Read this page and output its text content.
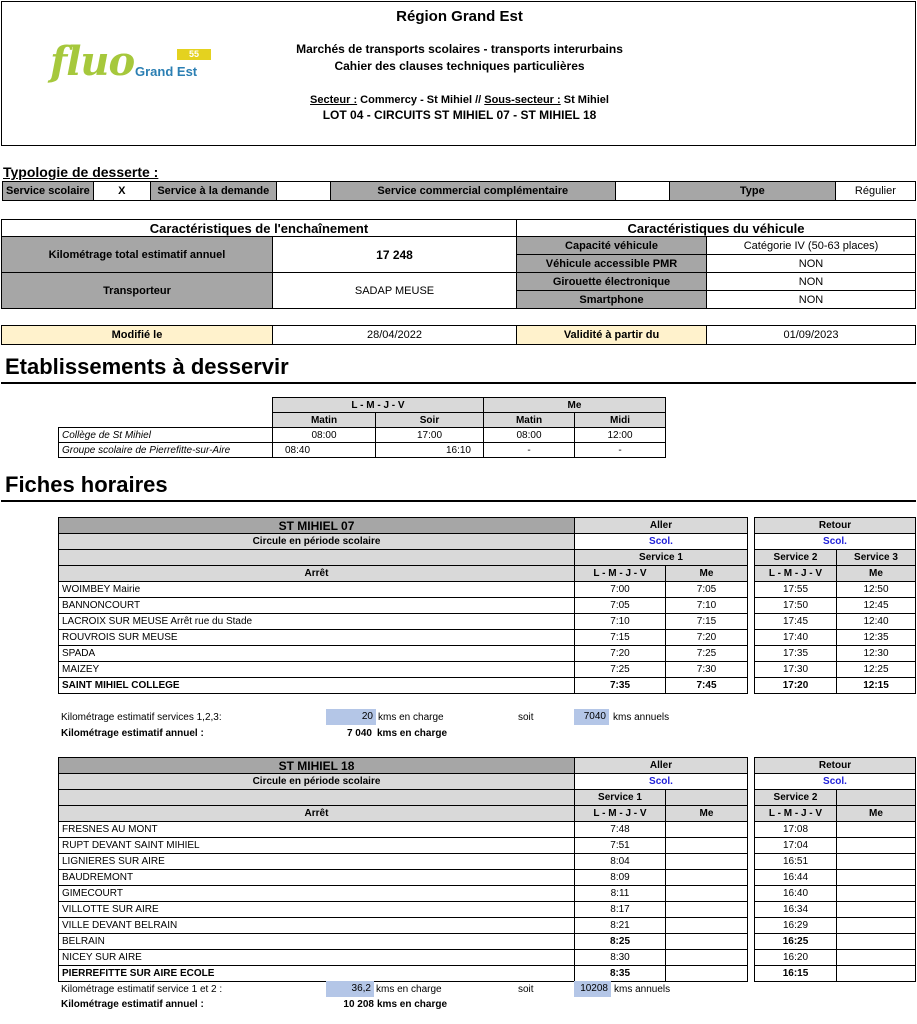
fluo Grand Est
55
Région Grand Est
Marchés de transports scolaires - transports interurbains
Cahier des clauses techniques particulières
Secteur : Commercy - St Mihiel // Sous-secteur : St Mihiel
LOT 04 - CIRCUITS ST MIHIEL 07 - ST MIHIEL 18
Typologie de desserte :
Service scolaire	X	Service à la demande		Service commercial complémentaire		Type	Régulier
Caractéristiques de l'enchaînement		Caractéristiques du véhicule	
Kilométrage total estimatif annuel	17 248	Capacité véhicule	Catégorie IV (50-63 places)
		Véhicule accessible PMR	NON
Transporteur	SADAP MEUSE	Girouette électronique	NON
		Smartphone	NON
Modifié le	28/04/2022	Validité à partir du	01/09/2023
Etablissements à desservir
	L - M - J - V		Me	
	Matin	Soir	Matin	Midi
Collège de St Mihiel	08:00	17:00	08:00	12:00
Groupe scolaire de Pierrefitte-sur-Aire	08:40	16:10	-	-
Fiches horaires
ST MIHIEL 07	Aller			Retour	
Circule en période scolaire	Scol.			Scol.	
	Service 1			Service 2	Service 3
Arrêt	L - M - J - V	Me		L - M - J - V	Me
WOIMBEY Mairie	7:00	7:05		17:55	12:50
BANNONCOURT	7:05	7:10		17:50	12:45
LACROIX SUR MEUSE Arrêt rue du Stade	7:10	7:15		17:45	12:40
ROUVROIS SUR MEUSE	7:15	7:20		17:40	12:35
SPADA	7:20	7:25		17:35	12:30
MAIZEY	7:25	7:30		17:30	12:25
SAINT MIHIEL COLLEGE	7:35	7:45		17:20	12:15
Kilométrage estimatif services 1,2,3:	20 kms en charge	soit	7040 kms annuels
Kilométrage estimatif annuel :	7 040 kms en charge
ST MIHIEL 18	Aller			Retour	
Circule en période scolaire	Scol.			Scol.	
	Service 1			Service 2	
Arrêt	L - M - J - V	Me		L - M - J - V	Me
FRESNES AU MONT	7:48			17:08	
RUPT DEVANT SAINT MIHIEL	7:51			17:04	
LIGNIERES SUR AIRE	8:04			16:51	
BAUDREMONT	8:09			16:44	
GIMECOURT	8:11			16:40	
VILLOTTE SUR AIRE	8:17			16:34	
VILLE DEVANT BELRAIN	8:21			16:29	
BELRAIN	8:25			16:25	
NICEY SUR AIRE	8:30			16:20	
PIERREFITTE SUR AIRE ECOLE	8:35			16:15	
Kilométrage estimatif service 1 et 2 :	36,2 kms en charge	soit	10208 kms annuels
Kilométrage estimatif annuel :	10 208 kms en charge
